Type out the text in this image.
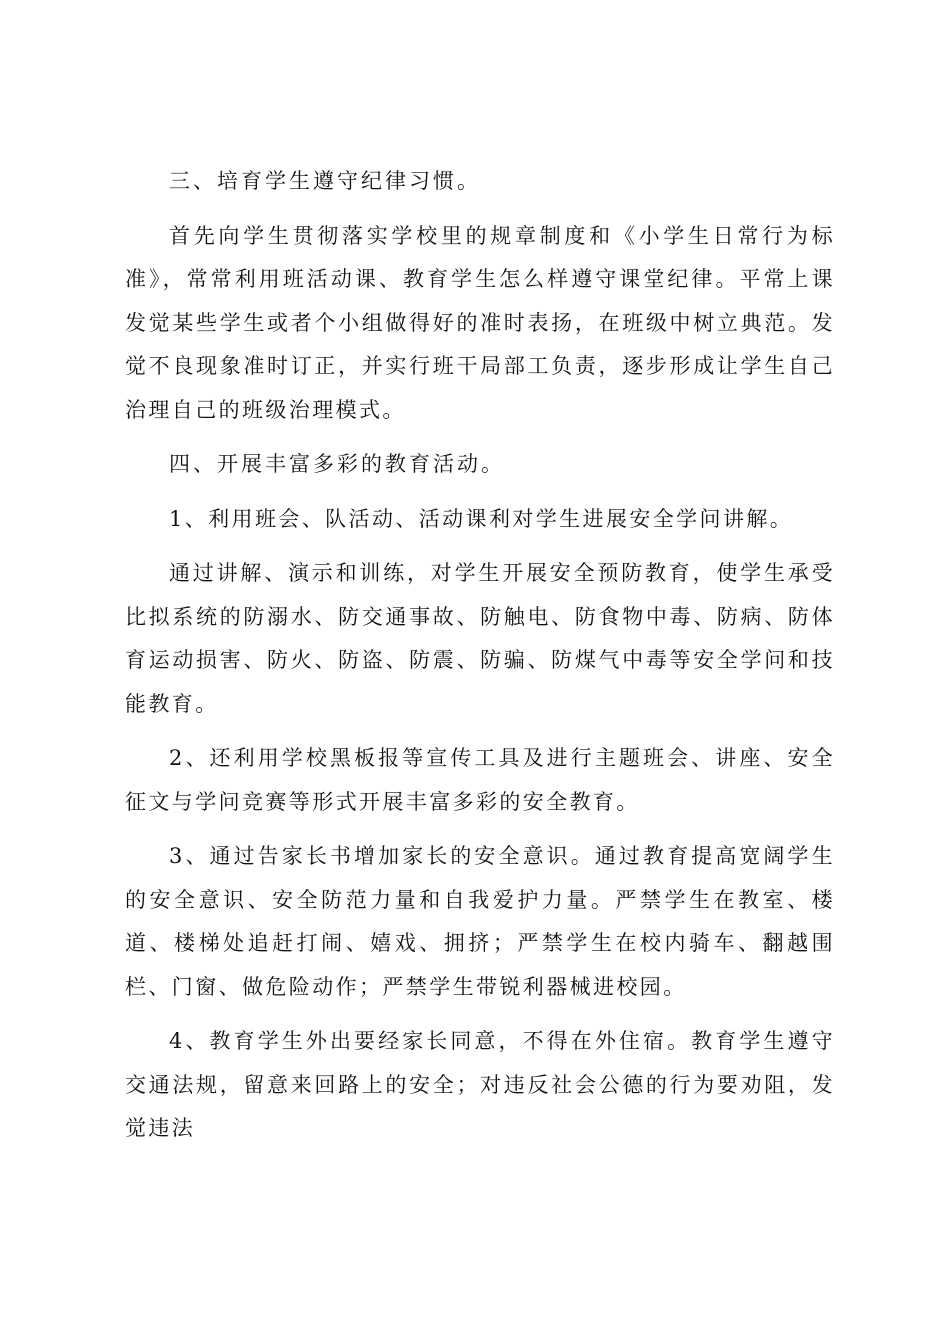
三、培育学生遵守纪律习惯。

首先向学生贯彻落实学校里的规章制度和《小学生日常行为标准》，常常利用班活动课、教育学生怎么样遵守课堂纪律。平常上课发觉某些学生或者个小组做得好的准时表扬，在班级中树立典范。发觉不良现象准时订正，并实行班干局部工负责，逐步形成让学生自己治理自己的班级治理模式。

四、开展丰富多彩的教育活动。

1、利用班会、队活动、活动课利对学生进展安全学问讲解。

通过讲解、演示和训练，对学生开展安全预防教育，使学生承受比拟系统的防溺水、防交通事故、防触电、防食物中毒、防病、防体育运动损害、防火、防盗、防震、防骗、防煤气中毒等安全学问和技能教育。

2、还利用学校黑板报等宣传工具及进行主题班会、讲座、安全征文与学问竞赛等形式开展丰富多彩的安全教育。

3、通过告家长书增加家长的安全意识。通过教育提高宽阔学生的安全意识、安全防范力量和自我爱护力量。严禁学生在教室、楼道、楼梯处追赶打闹、嬉戏、拥挤；严禁学生在校内骑车、翻越围栏、门窗、做危险动作；严禁学生带锐利器械进校园。

4、教育学生外出要经家长同意，不得在外住宿。教育学生遵守交通法规，留意来回路上的安全；对违反社会公德的行为要劝阻，发觉违法
